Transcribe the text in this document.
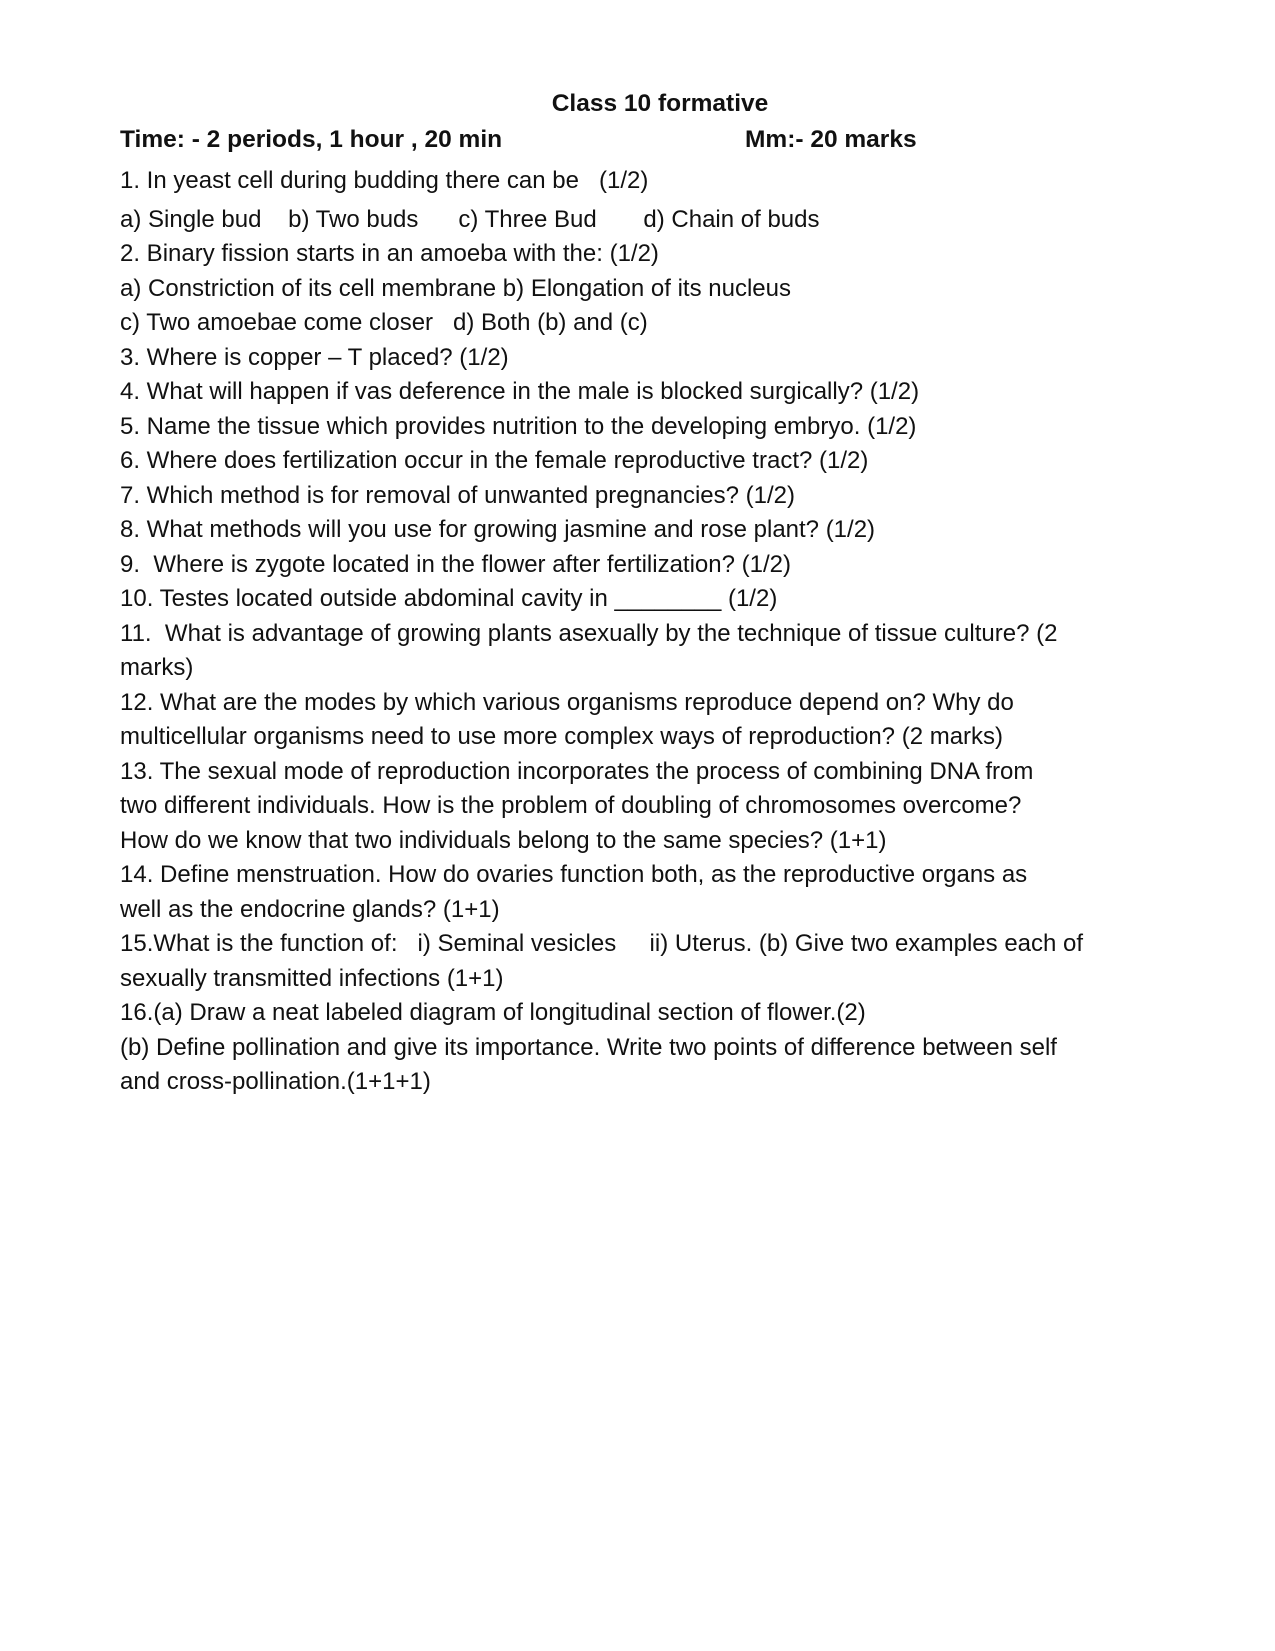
Class 10 formative
Time: - 2 periods, 1 hour , 20 min	Mm:- 20 marks
1. In yeast cell during budding there can be   (1/2)
a) Single bud    b) Two buds      c) Three Bud       d) Chain of buds
2. Binary fission starts in an amoeba with the: (1/2)
a) Constriction of its cell membrane b) Elongation of its nucleus
c) Two amoebae come closer   d) Both (b) and (c)
3. Where is copper – T placed? (1/2)
4. What will happen if vas deference in the male is blocked surgically? (1/2)
5. Name the tissue which provides nutrition to the developing embryo. (1/2)
6. Where does fertilization occur in the female reproductive tract? (1/2)
7. Which method is for removal of unwanted pregnancies? (1/2)
8. What methods will you use for growing jasmine and rose plant? (1/2)
9.  Where is zygote located in the flower after fertilization? (1/2)
10. Testes located outside abdominal cavity in ________ (1/2)
11.  What is advantage of growing plants asexually by the technique of tissue culture? (2
marks)
12. What are the modes by which various organisms reproduce depend on? Why do
multicellular organisms need to use more complex ways of reproduction? (2 marks)
13. The sexual mode of reproduction incorporates the process of combining DNA from
two different individuals. How is the problem of doubling of chromosomes overcome?
How do we know that two individuals belong to the same species? (1+1)
14. Define menstruation. How do ovaries function both, as the reproductive organs as
well as the endocrine glands? (1+1)
15.What is the function of:   i) Seminal vesicles     ii) Uterus. (b) Give two examples each of
sexually transmitted infections (1+1)
16.(a) Draw a neat labeled diagram of longitudinal section of flower.(2)
(b) Define pollination and give its importance. Write two points of difference between self
and cross-pollination.(1+1+1)
